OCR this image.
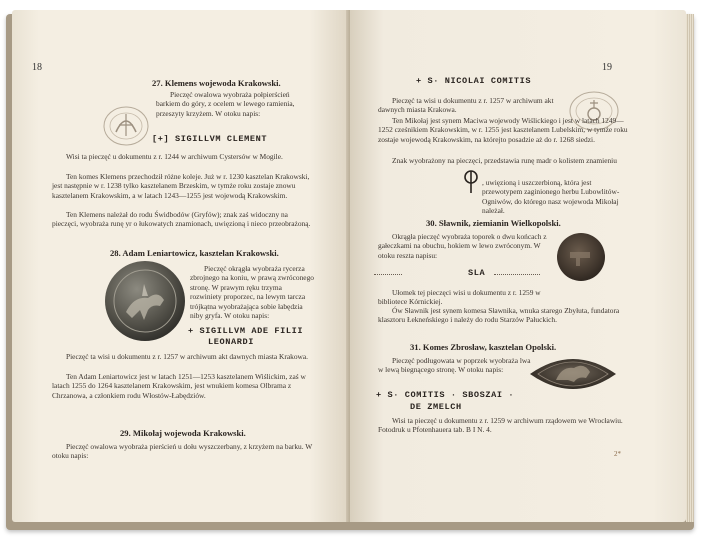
18
27. Klemens wojewoda Krakowski.

Pieczęć owalowa wyobraża połpierścień barkiem do góry, z ocelem w lewego ramienia, przeszyty krzyżem. W otoku napis:

[+] SIGILLVM CLEMENT

Wisi ta pieczęć u dokumentu z r. 1244 w archiwum Cystersów w Mogile.

Ten komes Klemens przechodził różne koleje. Już w r. 1230 kasztelan Krakowski, jest następnie w r. 1238 tylko kasztelanem Brzeskim, w tymże roku zostaje znowu kasztelanem Krakowskim, a w latach 1243—1255 jest wojewodą Krakowskim.

Ten Klemens należał do rodu Świdbodów (Gryfów); znak zaś widoczny na pieczęci, wyobraża runę yr o łukowatych znamionach, uwięzioną i nieco przeobrażoną.

28. Adam Leniartowicz, kasztelan Krakowski.

Pieczęć okrągła wyobraża rycerza zbrojnego na koniu, w prawą zwróconego stronę. W prawym ręku trzyma rozwiniety proporzec, na lewym tarcza trójkątna wyobrażająca sobie łabędzia niby gryfa. W otoku napis:

+ SIGILLVM ADE FILII
LEONARDI

Pieczęć ta wisi u dokumentu z r. 1257 w archiwum akt dawnych miasta Krakowa.

Ten Adam Leniartowicz jest w latach 1251—1253 kasztelanem Wiślickim, zaś w latach 1255 do 1264 kasztelanem Krakowskim, jest wnukiem komesa Olbrama z Chrzanowa, a członkiem rodu Włostów-Łabędziów.

29. Mikołaj wojewoda Krakowski.

Pieczęć owalowa wyobraża pierścień u dołu wyszczerbany, z krzyżem na barku. W otoku napis:

19
+ S· NICOLAI COMITIS

Pieczęć ta wisi u dokumentu z r. 1257 w archiwum akt dawnych miasta Krakowa.

Ten Mikołaj jest synem Maciwa wojewody Wiślickiego i jest w latach 1249—1252 cześnikiem Krakowskim, w r. 1255 jest kasztelanem Lubelskim, w tymże roku zostaje wojewodą Krakowskim, na którejto posadzie aż do r. 1268 siedzi.

Znak wyobrażony na pieczęci, przedstawia runę madr o kolistem znamieniu

, uwięzioną i uszczerbioną, która jest przewotypem zaginionego herbu Lubowlitów-Ogniwów, do którego nasz wojewoda Mikołaj należał.

30. Sławnik, ziemianin Wielkopolski.

Okrągła pieczęć wyobraża toporek o dwu końcach z gałeczkami na obuchu, hokiem w lewo zwróconym. W otoku resztа napisu:

SLA

Ułomek tej pieczęci wisi u dokumentu z r. 1259 w bibliotece Kórnickiej.

Ów Sławnik jest synem komesa Sławnika, wnuka starego Zbyłuta, fundatora klasztoru Łekneńskiego i należy do rodu Starzów Pałuckich.

31. Komes Zbrosław, kasztelan Opolski.

Pieczęć podługowata w poprzek wyobraża lwa w lewą biegnącego stronę. W otoku napis:

+ S· COMITIS · SBOSZAI ·
DE ZMELCH

Wisi ta pieczęć u dokumentu z r. 1259 w archiwum rządowem we Wrocławiu. Fotodruk u Pfotenhauera tab. B I N. 4.

2*
